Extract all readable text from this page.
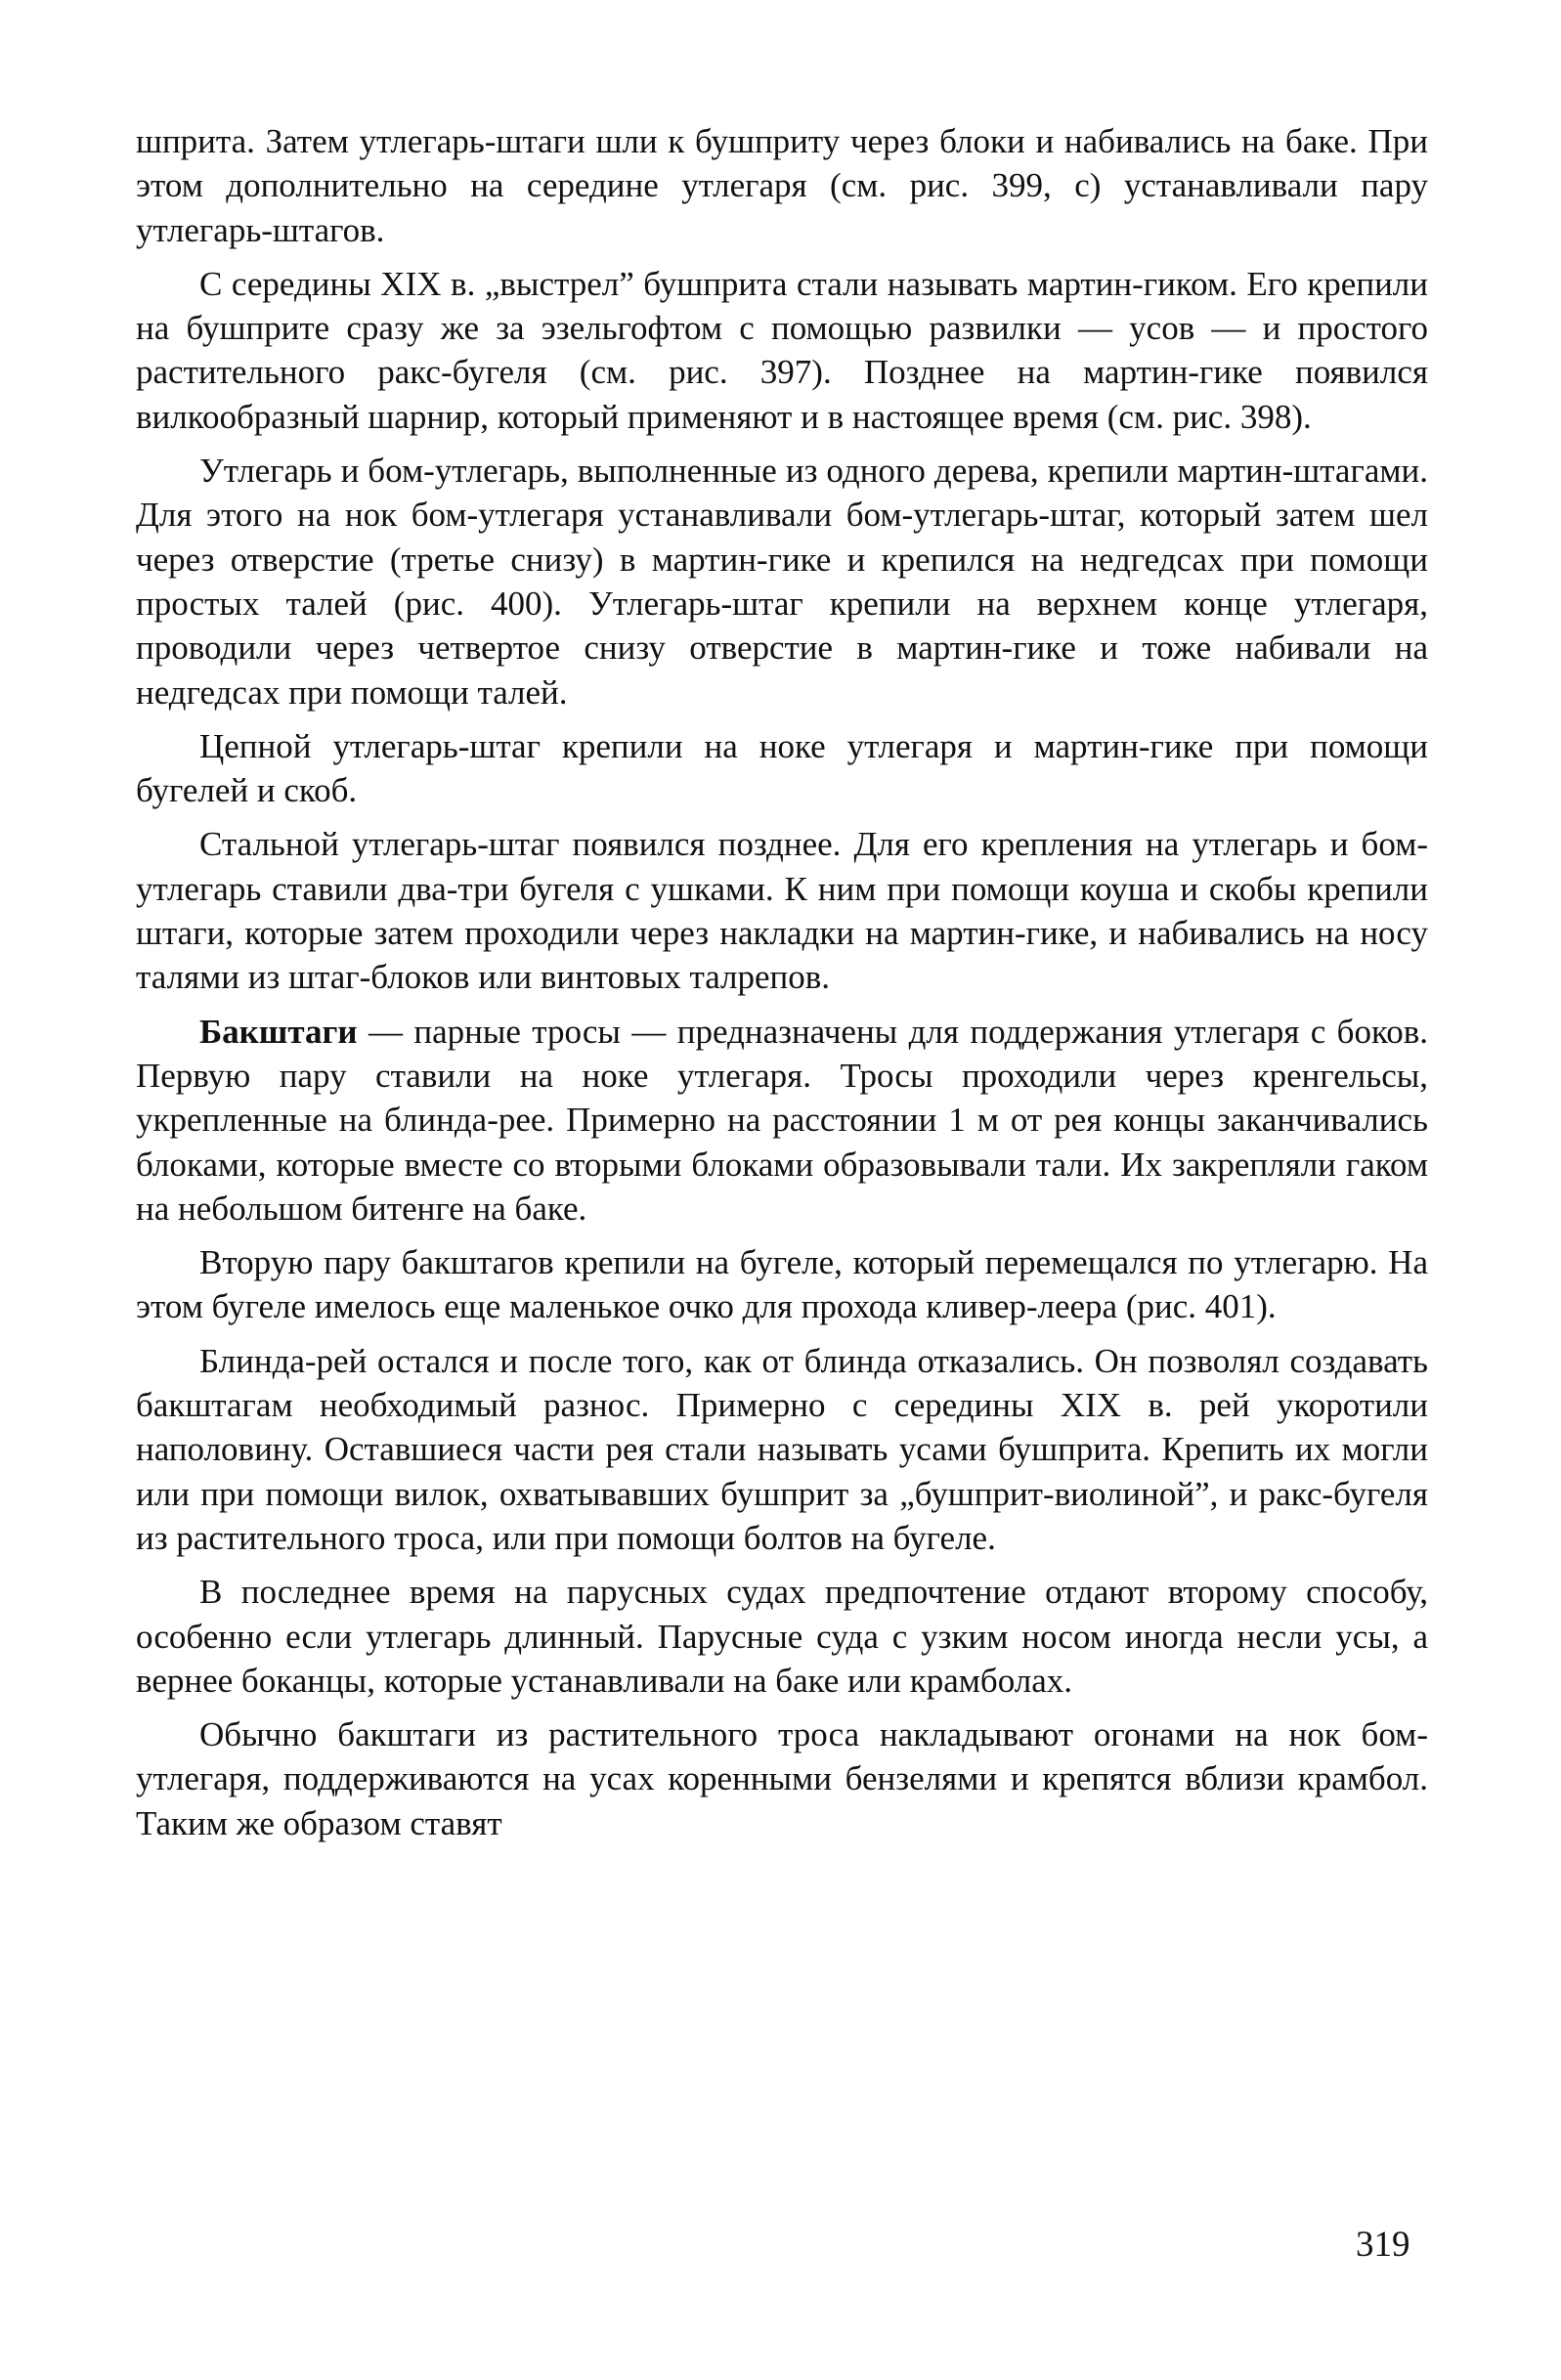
шприта. Затем утлегарь-штаги шли к бушприту через блоки и набивались на баке. При этом дополнительно на середине утлегаря (см. рис. 399, с) устанавливали пару утлегарь-штагов.

С середины XIX в. „выстрел” бушприта стали называть мартин-гиком. Его крепили на бушприте сразу же за эзельгофтом с помощью развилки — усов — и простого растительного ракс-бугеля (см. рис. 397). Позднее на мартин-гике появился вилкообразный шарнир, который применяют и в настоящее время (см. рис. 398).

Утлегарь и бом-утлегарь, выполненные из одного дерева, крепили мартин-штагами. Для этого на нок бом-утлегаря устанавливали бом-утлегарь-штаг, который затем шел через отверстие (третье снизу) в мартин-гике и крепился на недгедсах при помощи простых талей (рис. 400). Утлегарь-штаг крепили на верхнем конце утлегаря, проводили через четвертое снизу отверстие в мартин-гике и тоже набивали на недгедсах при помощи талей.

Цепной утлегарь-штаг крепили на ноке утлегаря и мартин-гике при помощи бугелей и скоб.

Стальной утлегарь-штаг появился позднее. Для его крепления на утлегарь и бом-утлегарь ставили два-три бугеля с ушками. К ним при помощи коуша и скобы крепили штаги, которые затем проходили через накладки на мартин-гике, и набивались на носу талями из штаг-блоков или винтовых талрепов.

Бакштаги — парные тросы — предназначены для поддержания утлегаря с боков. Первую пару ставили на ноке утлегаря. Тросы проходили через кренгельсы, укрепленные на блинда-рее. Примерно на расстоянии 1 м от рея концы заканчивались блоками, которые вместе со вторыми блоками образовывали тали. Их закрепляли гаком на небольшом битенге на баке.

Вторую пару бакштагов крепили на бугеле, который перемещался по утлегарю. На этом бугеле имелось еще маленькое очко для прохода кливер-леера (рис. 401).

Блинда-рей остался и после того, как от блинда отказались. Он позволял создавать бакштагам необходимый разнос. Примерно с середины XIX в. рей укоротили наполовину. Оставшиеся части рея стали называть усами бушприта. Крепить их могли или при помощи вилок, охватывавших бушприт за „бушприт-виолиной”, и ракс-бугеля из растительного троса, или при помощи болтов на бугеле.

В последнее время на парусных судах предпочтение отдают второму способу, особенно если утлегарь длинный. Парусные суда с узким носом иногда несли усы, а вернее боканцы, которые устанавливали на баке или крамболах.

Обычно бакштаги из растительного троса накладывают огонами на нок бом-утлегаря, поддерживаются на усах коренными бензелями и крепятся вблизи крамбол. Таким же образом ставят

319
